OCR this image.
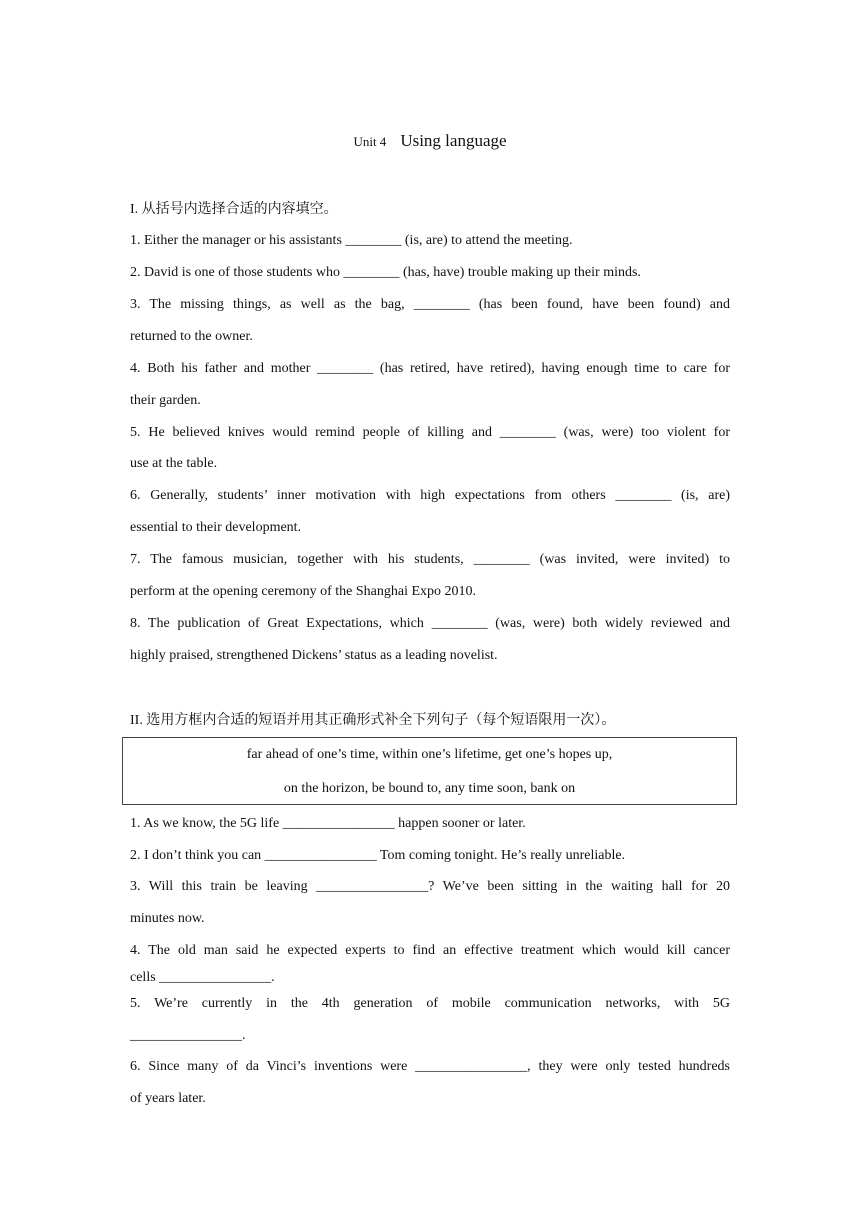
Unit 4 Using language
I. 从括号内选择合适的内容填空。
1. Either the manager or his assistants ________ (is, are) to attend the meeting.
2. David is one of those students who ________ (has, have) trouble making up their minds.
3. The missing things, as well as the bag, ________ (has been found, have been found) and
returned to the owner.
4. Both his father and mother ________ (has retired, have retired), having enough time to care for
their garden.
5. He believed knives would remind people of killing and ________ (was, were) too violent for
use at the table.
6. Generally, students’ inner motivation with high expectations from others ________ (is, are)
essential to their development.
7. The famous musician, together with his students, ________ (was invited, were invited) to
perform at the opening ceremony of the Shanghai Expo 2010.
8. The publication of Great Expectations, which ________ (was, were) both widely reviewed and
highly praised, strengthened Dickens’ status as a leading novelist.
II. 选用方框内合适的短语并用其正确形式补全下列句子（每个短语限用一次）。
far ahead of one’s time, within one’s lifetime, get one’s hopes up,
on the horizon, be bound to, any time soon, bank on
1. As we know, the 5G life ________________ happen sooner or later.
2. I don’t think you can ________________ Tom coming tonight. He’s really unreliable.
3. Will this train be leaving ________________? We’ve been sitting in the waiting hall for 20
minutes now.
4. The old man said he expected experts to find an effective treatment which would kill cancer
cells ________________.
5. We’re currently in the 4th generation of mobile communication networks, with 5G
________________.
6. Since many of da Vinci’s inventions were ________________, they were only tested hundreds
of years later.
